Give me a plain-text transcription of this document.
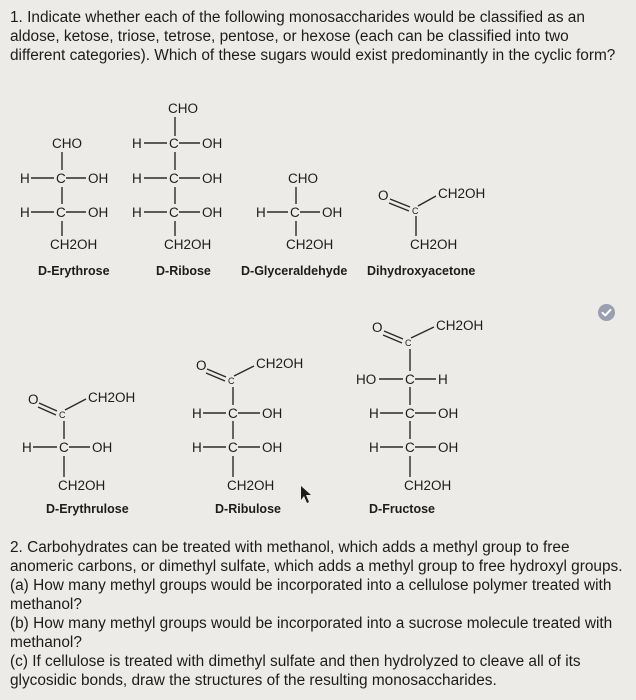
1. Indicate whether each of the following monosaccharides would be classified as an aldose, ketose, triose, tetrose, pentose, or hexose (each can be classified into two different categories). Which of these sugars would exist predominantly in the cyclic form?

CHO
H C OH
H C OH
CH2OH
D-Erythrose
CHO
H C OH
H C OH
H C OH
CH2OH
D-Ribose
CHO
H C OH
CH2OH
D-Glyceraldehyde
O
C
CH2OH
CH2OH
Dihydroxyacetone
O
C
CH2OH
HO C H
H C OH
H C OH
CH2OH
D-Fructose
O
C
CH2OH
H C OH
H C OH
CH2OH
D-Ribulose
O
C
CH2OH
H C OH
CH2OH
D-Erythrulose
2. Carbohydrates can be treated with methanol, which adds a methyl group to free anomeric carbons, or dimethyl sulfate, which adds a methyl group to free hydroxyl groups.
(a) How many methyl groups would be incorporated into a cellulose polymer treated with methanol?
(b) How many methyl groups would be incorporated into a sucrose molecule treated with methanol?
(c) If cellulose is treated with dimethyl sulfate and then hydrolyzed to cleave all of its glycosidic bonds, draw the structures of the resulting monosaccharides.
